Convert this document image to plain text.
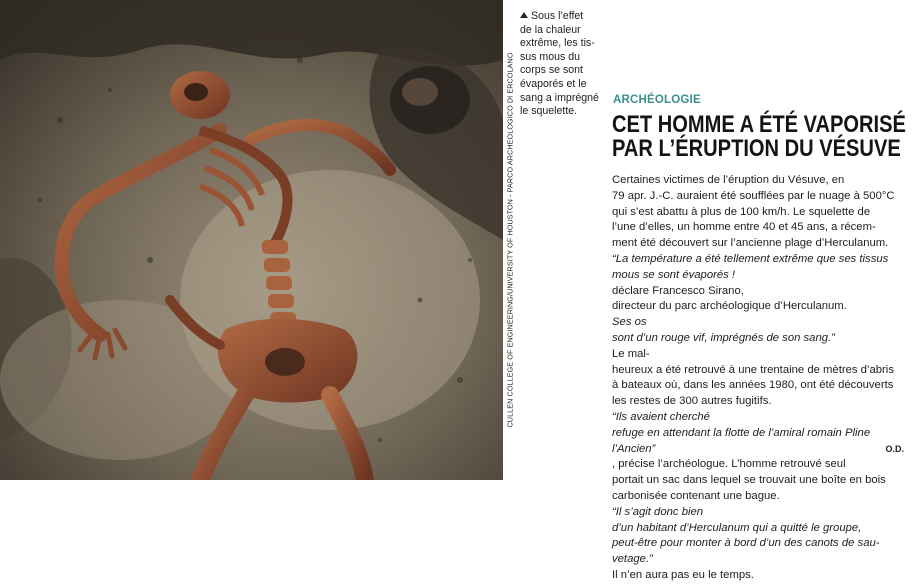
CULLEN COLLEGE OF ENGINEERING/UNIVERSITY OF HOUSTON - PARCO ARCHEOLOGICO DI ERCOLANO
Sous l’effet
de la chaleur
extrême, les tis-
sus mous du
corps se sont
évaporés et le
sang a imprégné
le squelette.
ARCHÉOLOGIE
CET HOMME A ÉTÉ VAPORISÉ
PAR L’ÉRUPTION DU VÉSUVE
Certaines victimes de l’éruption du Vésuve, en
79 apr. J.-C. auraient été soufflées par le nuage à 500°C
qui s’est abattu à plus de 100 km/h. Le squelette de
l’une d’elles, un homme entre 40 et 45 ans, a récem-
ment été découvert sur l’ancienne plage d’Herculanum.
“La température a été tellement extrême que ses tissus
mous se sont évaporés !
déclare Francesco Sirano,
directeur du parc archéologique d’Herculanum.
Ses os
sont d’un rouge vif, imprégnés de son sang.”
Le mal-
heureux a été retrouvé à une trentaine de mètres d’abris
à bateaux où, dans les années 1980, ont été découverts
les restes de 300 autres fugitifs.
“Ils avaient cherché
refuge en attendant la flotte de l’amiral romain Pline
l’Ancien”
, précise l’archéologue. L’homme retrouvé seul
portait un sac dans lequel se trouvait une boîte en bois
carbonisée contenant une bague.
“Il s’agit donc bien
d’un habitant d’Herculanum qui a quitté le groupe,
peut-être pour monter à bord d’un des canots de sau-
vetage.”
Il n’en aura pas eu le temps.
O.D.
